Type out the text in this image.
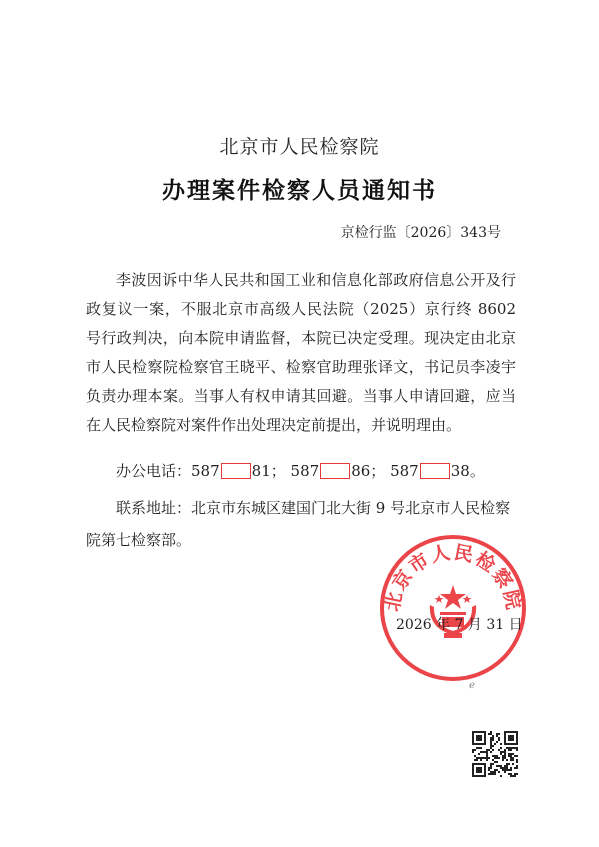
北京市人民检察院
办理案件检察人员通知书
京检行监〔2026〕343号
李波因诉中华人民共和国工业和信息化部政府信息公开及行政复议一案，不服北京市高级人民法院（2025）京行终 8602 号行政判决，向本院申请监督，本院已决定受理。现决定由北京市人民检察院检察官王晓平、检察官助理张译文，书记员李凌宇负责办理本案。当事人有权申请其回避。当事人申请回避，应当在人民检察院对案件作出处理决定前提出，并说明理由。
办公电话：587 81； 587 86； 587 38。
联系地址：北京市东城区建国门北大街 9 号北京市人民检察院第七检察部。
北京市人民检察院
2026 年 7 月 31 日
ℯ
